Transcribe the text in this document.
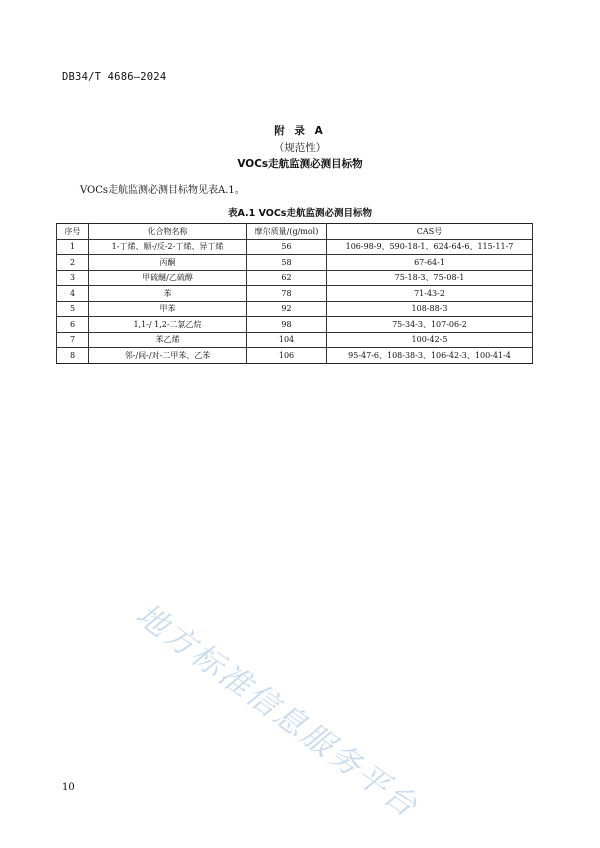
DB34/T 4686—2024
附 录 A
（规范性）
VOCs走航监测必测目标物
VOCs走航监测必测目标物见表A.1。
表A.1 VOCs走航监测必测目标物
序号	化合物名称	摩尔质量/(g/mol)	CAS号
1	1-丁烯、顺-/反-2-丁烯、异丁烯	56	106-98-9、590-18-1、624-64-6、115-11-7
2	丙酮	58	67-64-1
3	甲硫醚/乙硫醇	62	75-18-3、75-08-1
4	苯	78	71-43-2
5	甲苯	92	108-88-3
6	1,1-/ 1,2-二氯乙烷	98	75-34-3、107-06-2
7	苯乙烯	104	100-42-5
8	邻-/间-/对-二甲苯、乙苯	106	95-47-6、108-38-3、106-42-3、100-41-4
地方标准信息服务平台
10
